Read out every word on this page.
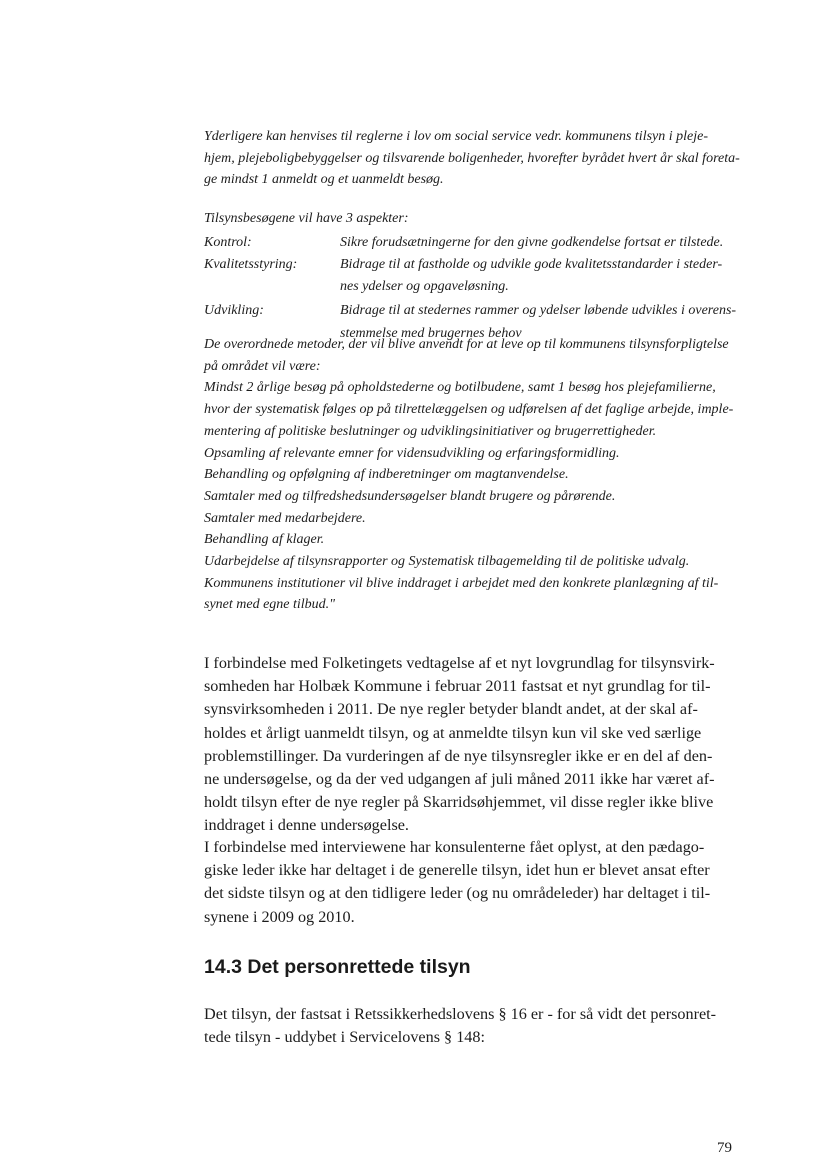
Yderligere kan henvises til reglerne i lov om social service vedr. kommunens tilsyn i pleje-
hjem, plejeboligbebyggelser og tilsvarende boligenheder, hvorefter byrådet hvert år skal foreta-
ge mindst 1 anmeldt og et uanmeldt besøg.
Tilsynsbesøgene vil have 3 aspekter:
Kontrol:	Sikre forudsætningerne for den givne godkendelse fortsat er tilstede.
Kvalitetsstyring:	Bidrage til at fastholde og udvikle gode kvalitetsstandarder i steder-
nes ydelser og opgaveløsning.
Udvikling:	Bidrage til at stedernes rammer og ydelser løbende udvikles i overens-
stemmelse med brugernes behov
De overordnede metoder, der vil blive anvendt for at leve op til kommunens tilsynsforpligtelse
på området vil være:
Mindst 2 årlige besøg på opholdstederne og botilbudene, samt 1 besøg hos plejefamilierne,
hvor der systematisk følges op på tilrettelæggelsen og udførelsen af det faglige arbejde, imple-
mentering af politiske beslutninger og udviklingsinitiativer og brugerrettigheder.
Opsamling af relevante emner for vidensudvikling og erfaringsformidling.
Behandling og opfølgning af indberetninger om magtanvendelse.
Samtaler med og tilfredshedsundersøgelser blandt brugere og pårørende.
Samtaler med medarbejdere.
Behandling af klager.
Udarbejdelse af tilsynsrapporter og Systematisk tilbagemelding til de politiske udvalg.
Kommunens institutioner vil blive inddraget i arbejdet med den konkrete planlægning af til-
synet med egne tilbud."
I forbindelse med Folketingets vedtagelse af et nyt lovgrundlag for tilsynsvirk-
somheden har Holbæk Kommune i februar 2011 fastsat et nyt grundlag for til-
synsvirksomheden i 2011. De nye regler betyder blandt andet, at der skal af-
holdes et årligt uanmeldt tilsyn, og at anmeldte tilsyn kun vil ske ved særlige
problemstillinger. Da vurderingen af de nye tilsynsregler ikke er en del af den-
ne undersøgelse, og da der ved udgangen af juli måned 2011 ikke har været af-
holdt tilsyn efter de nye regler på Skarridsøhjemmet, vil disse regler ikke blive
inddraget i denne undersøgelse.
I forbindelse med interviewene har konsulenterne fået oplyst, at den pædago-
giske leder ikke har deltaget i de generelle tilsyn, idet hun er blevet ansat efter
det sidste tilsyn og at den tidligere leder (og nu områdeleder) har deltaget i til-
synene i 2009 og 2010.
14.3 Det personrettede tilsyn
Det tilsyn, der fastsat i Retssikkerhedslovens § 16 er - for så vidt det personret-
tede tilsyn - uddybet i Servicelovens § 148:
79
